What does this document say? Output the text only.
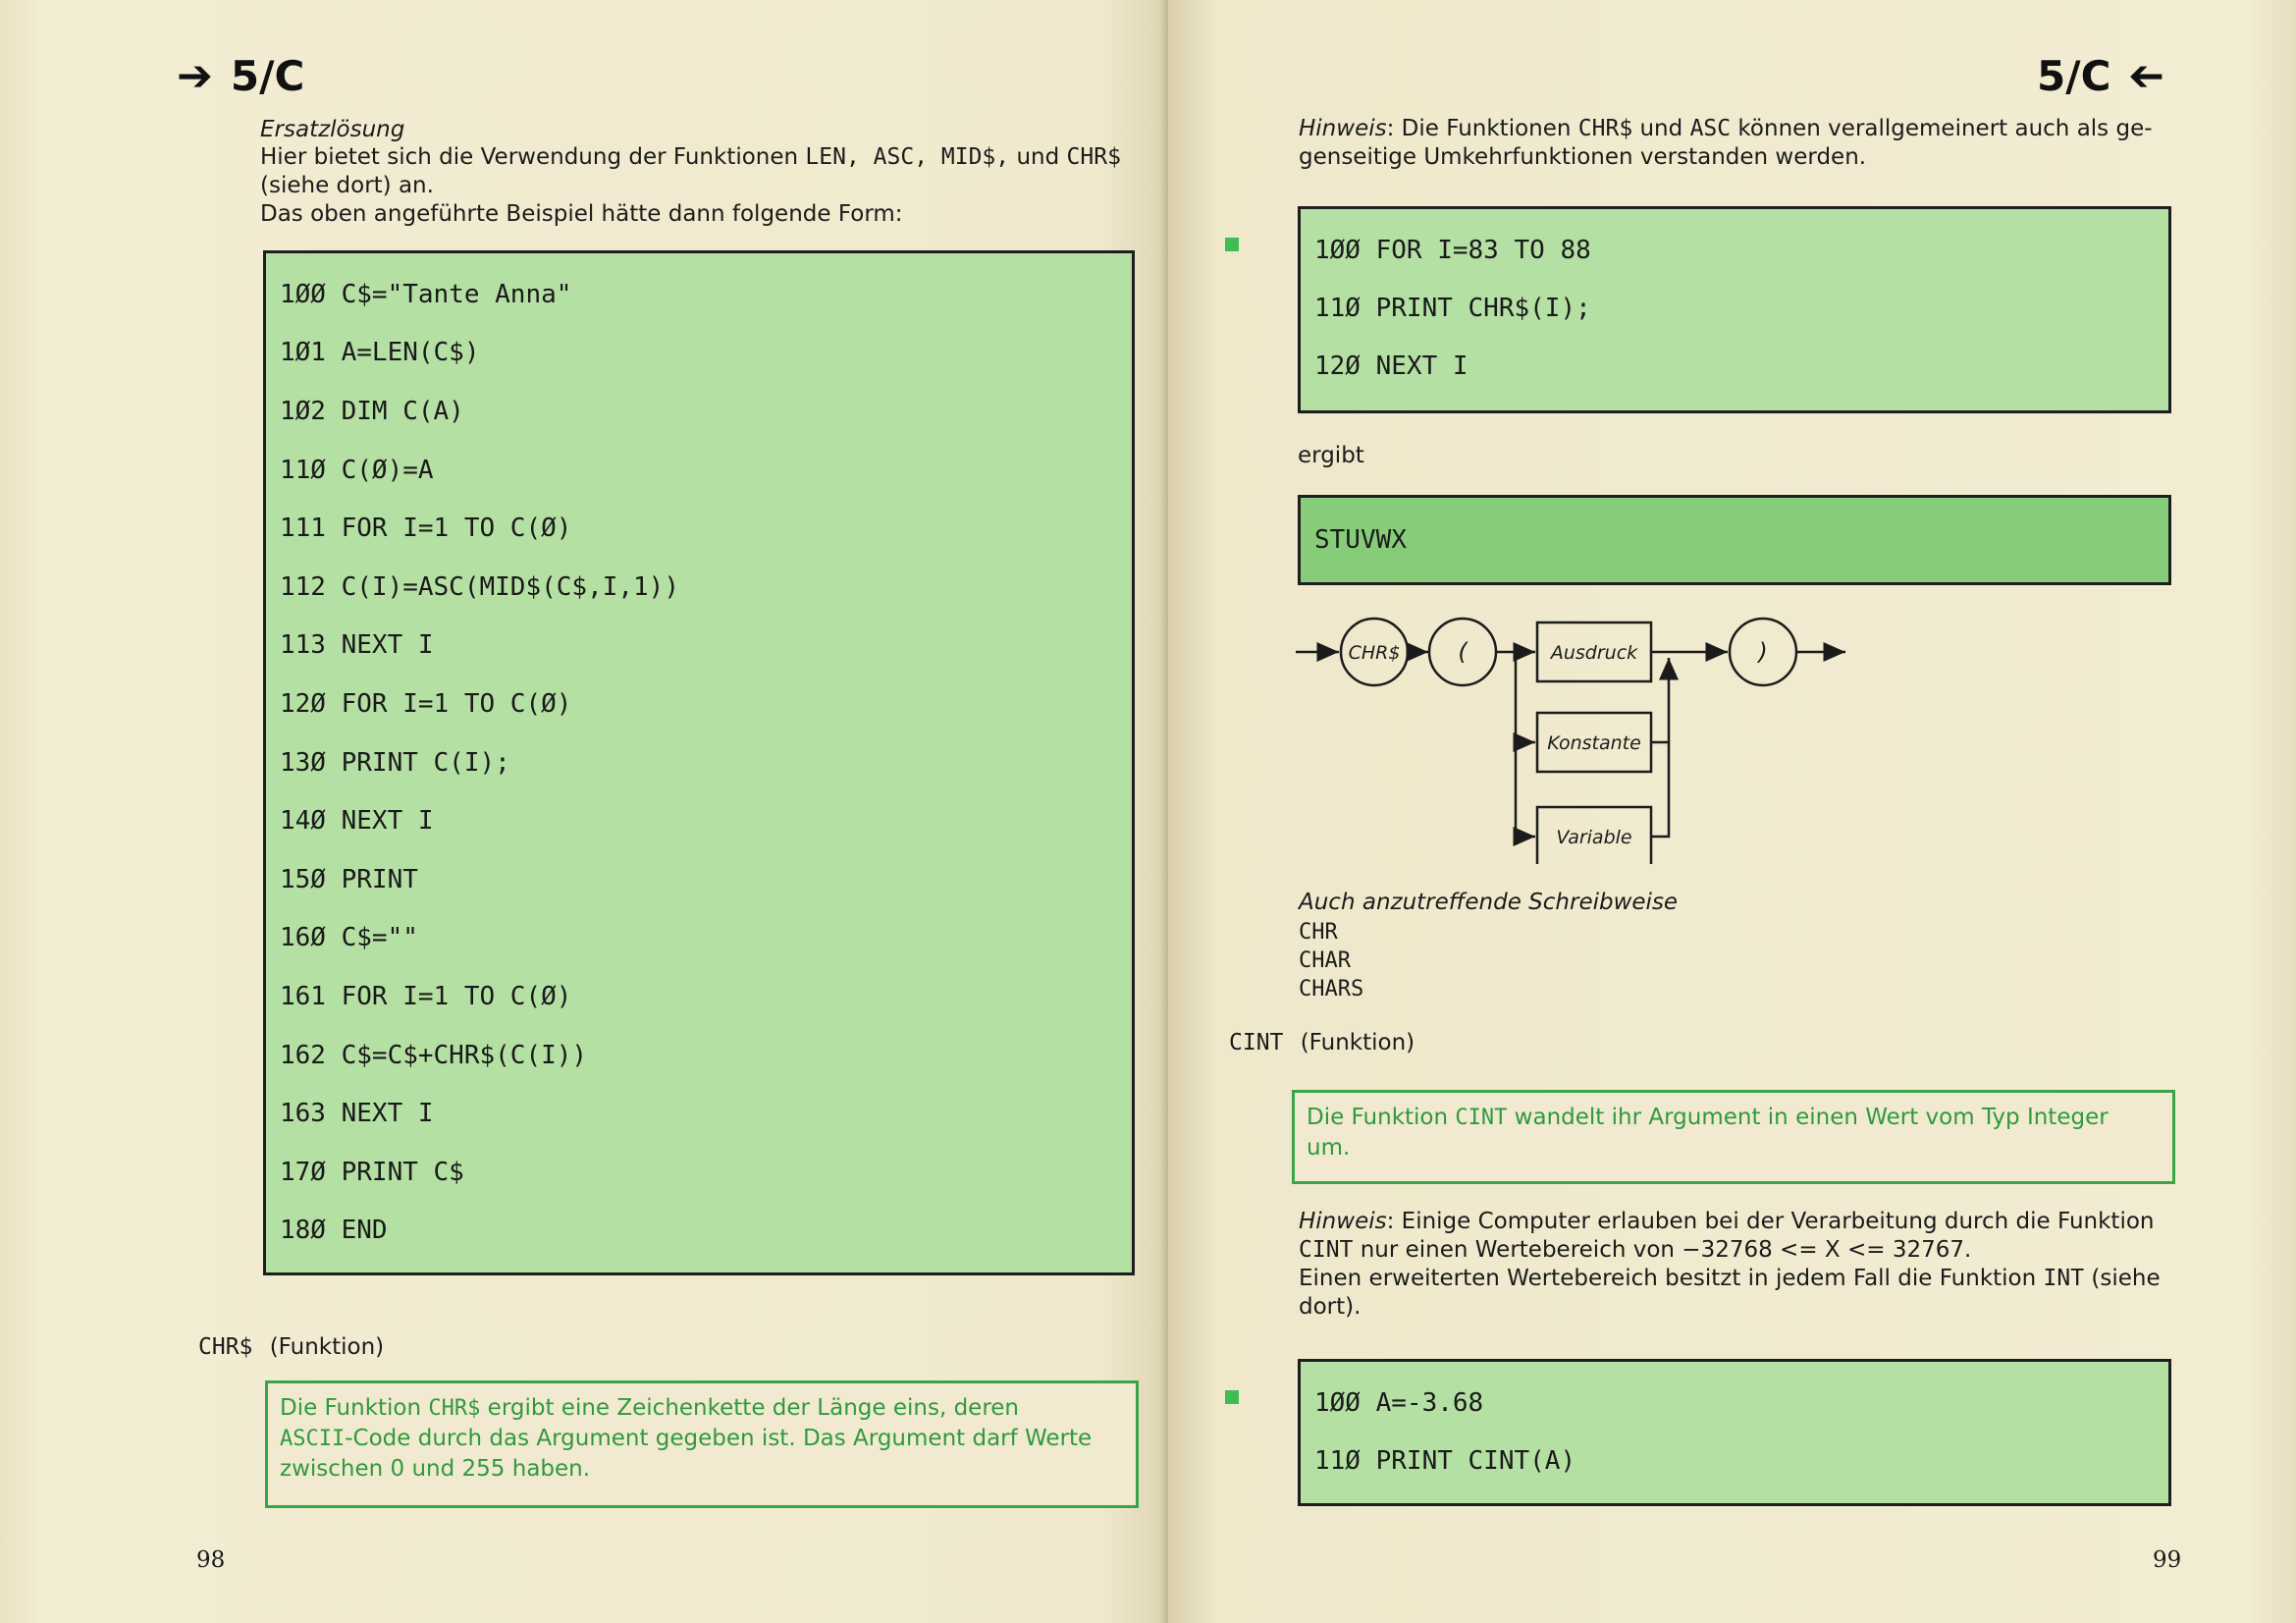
➔ 5/C
Ersatzlösung
Hier bietet sich die Verwendung der Funktionen LEN, ASC, MID$, und CHR$
(siehe dort) an.
Das oben angeführte Beispiel hätte dann folgende Form:
1ØØ C$="Tante Anna"
1Ø1 A=LEN(C$)
1Ø2 DIM C(A)
11Ø C(Ø)=A
111 FOR I=1 TO C(Ø)
112 C(I)=ASC(MID$(C$,I,1))
113 NEXT I
12Ø FOR I=1 TO C(Ø)
13Ø PRINT C(I);
14Ø NEXT I
15Ø PRINT
16Ø C$=""
161 FOR I=1 TO C(Ø)
162 C$=C$+CHR$(C(I))
163 NEXT I
17Ø PRINT C$
18Ø END
CHR$ (Funktion)
Die Funktion CHR$ ergibt eine Zeichenkette der Länge eins, deren
ASCII-Code durch das Argument gegeben ist. Das Argument darf Werte
zwischen 0 und 255 haben.
98
5/C ➔
Hinweis: Die Funktionen CHR$ und ASC können verallgemeinert auch als ge-
genseitige Umkehrfunktionen verstanden werden.
1ØØ FOR I=83 TO 88
11Ø PRINT CHR$(I);
12Ø NEXT I
ergibt
STUVWX
CHR$ (	Ausdruck	)
Konstante
Variable
Auch anzutreffende Schreibweise
CHR
CHAR
CHARS
CINT (Funktion)
Die Funktion CINT wandelt ihr Argument in einen Wert vom Typ Integer
um.
Hinweis: Einige Computer erlauben bei der Verarbeitung durch die Funktion
CINT nur einen Wertebereich von −32768 <= X <= 32767.
Einen erweiterten Wertebereich besitzt in jedem Fall die Funktion INT (siehe
dort).
1ØØ A=-3.68
11Ø PRINT CINT(A)
99
